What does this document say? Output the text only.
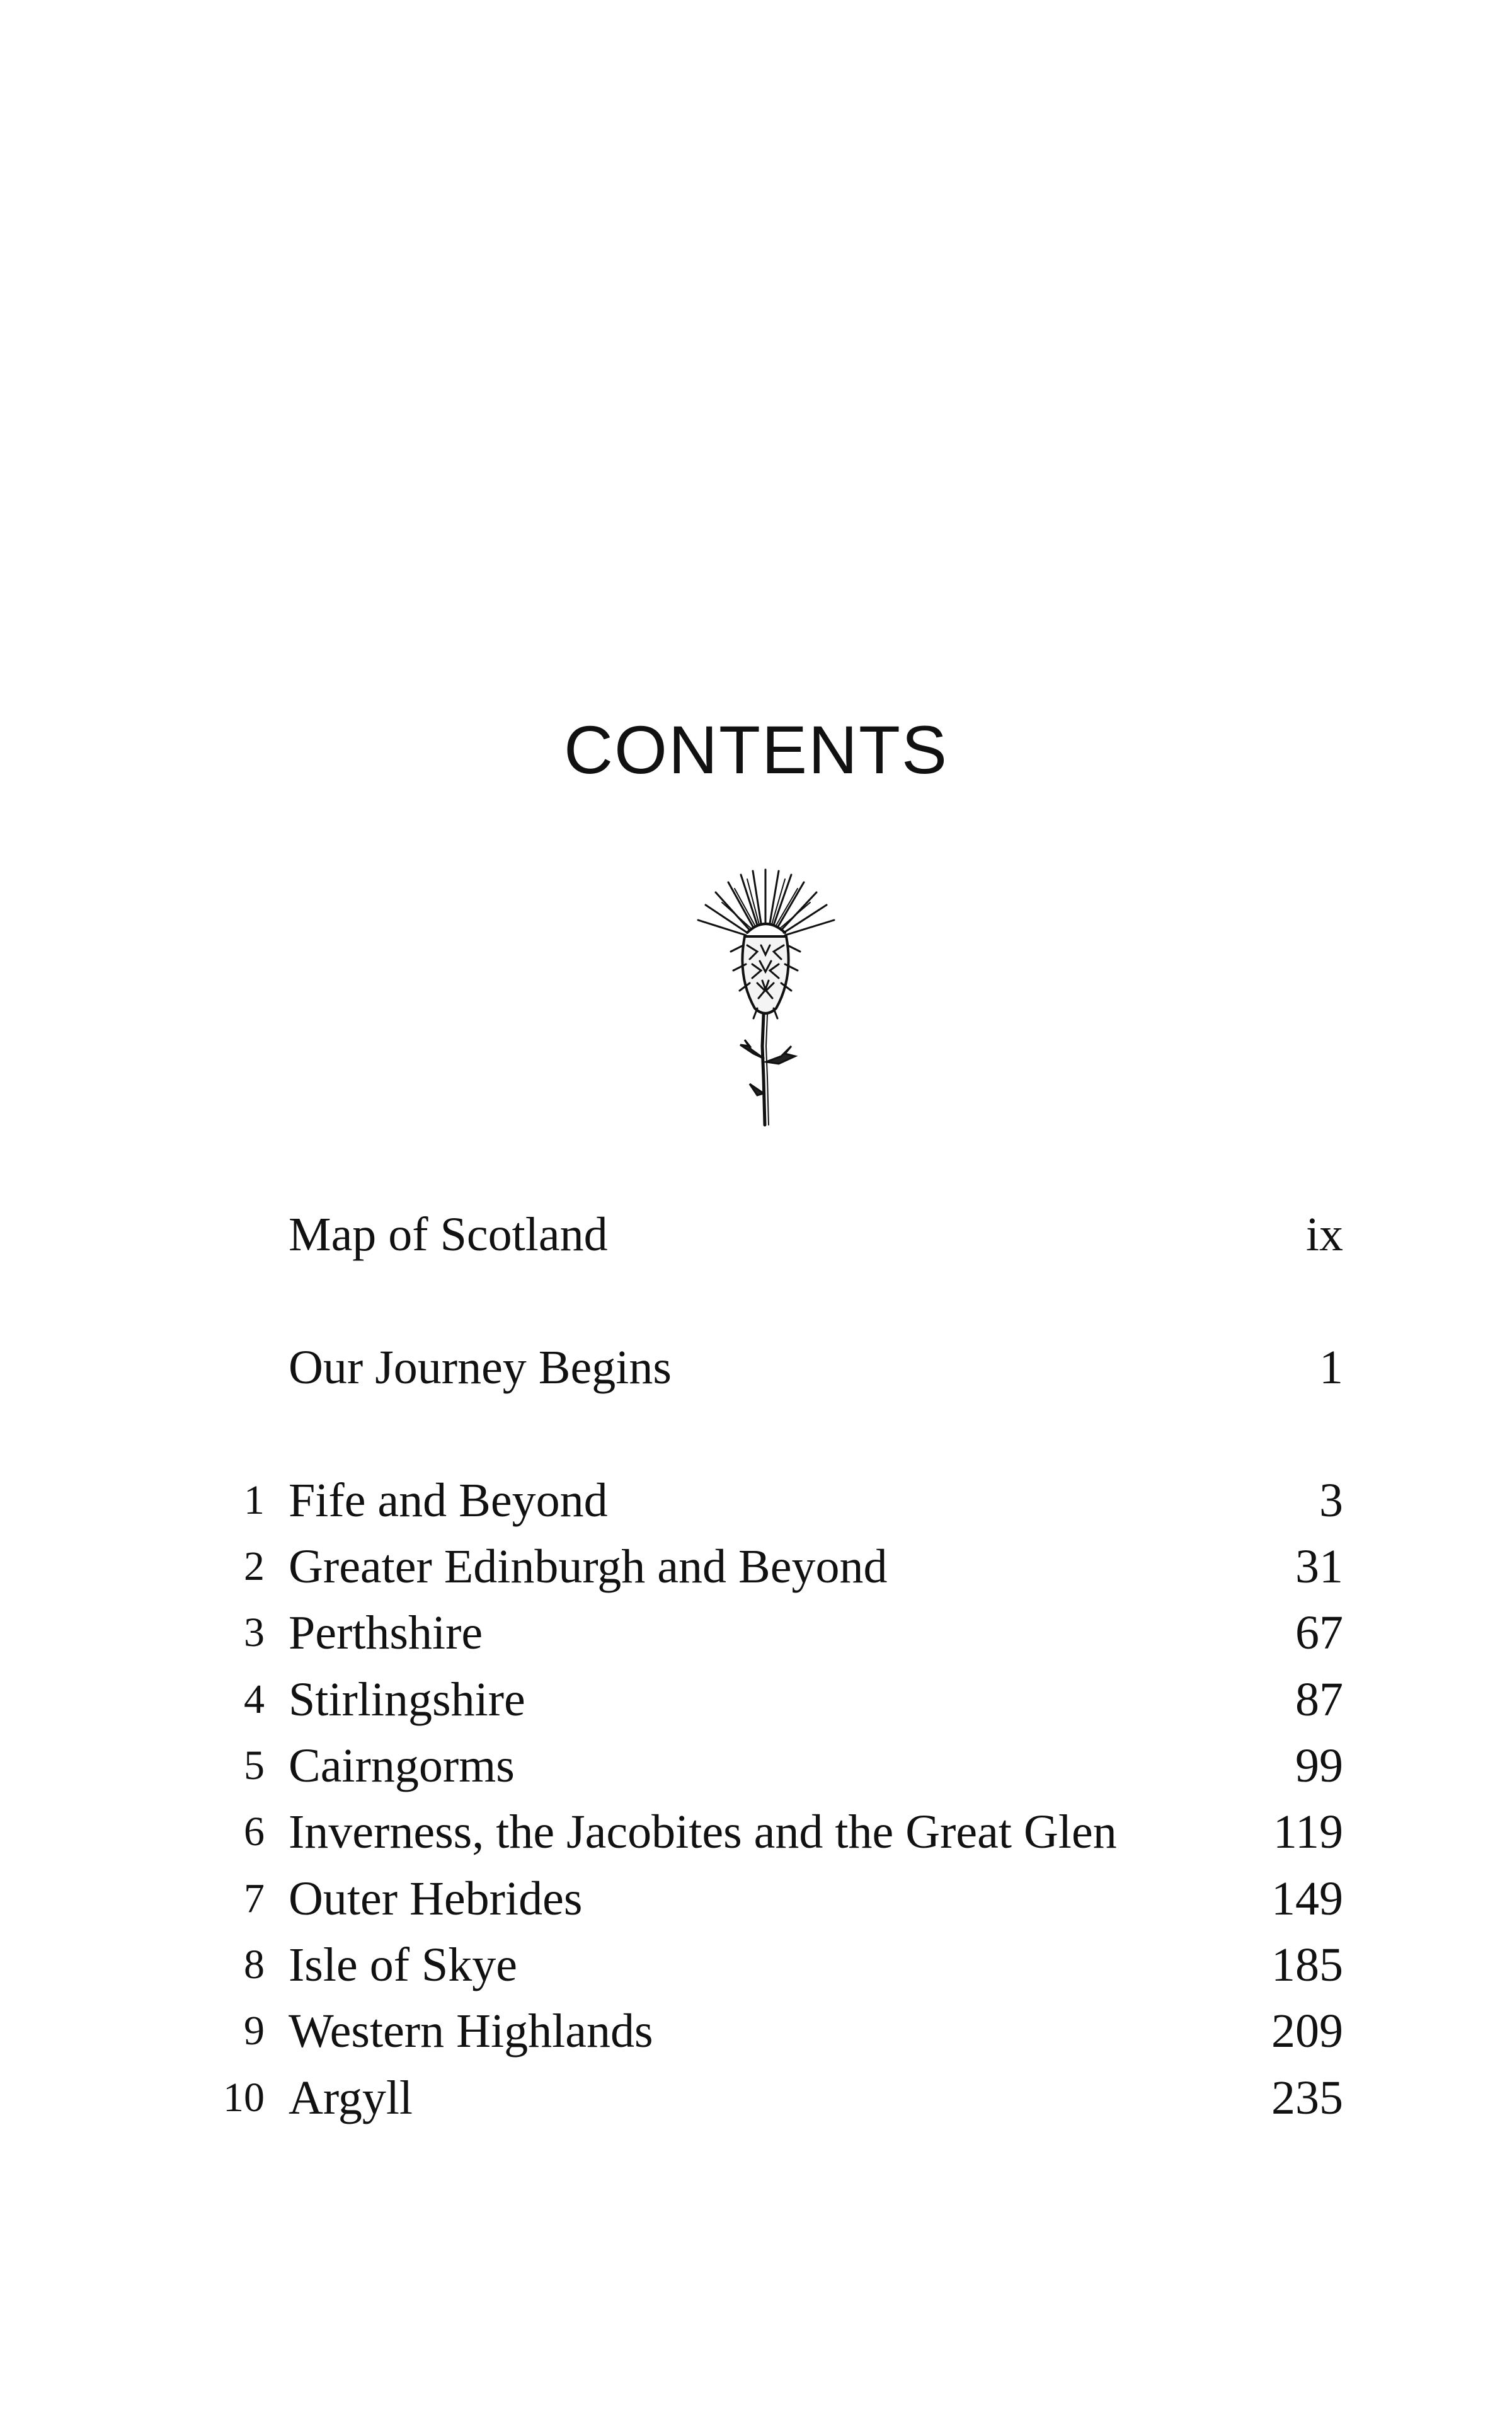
CONTENTS
Map of Scotland	ix
Our Journey Begins	1
1 Fife and Beyond	3
2 Greater Edinburgh and Beyond	31
3 Perthshire	67
4 Stirlingshire	87
5 Cairngorms	99
6 Inverness, the Jacobites and the Great Glen	119
7 Outer Hebrides	149
8 Isle of Skye	185
9 Western Highlands	209
10 Argyll	235
